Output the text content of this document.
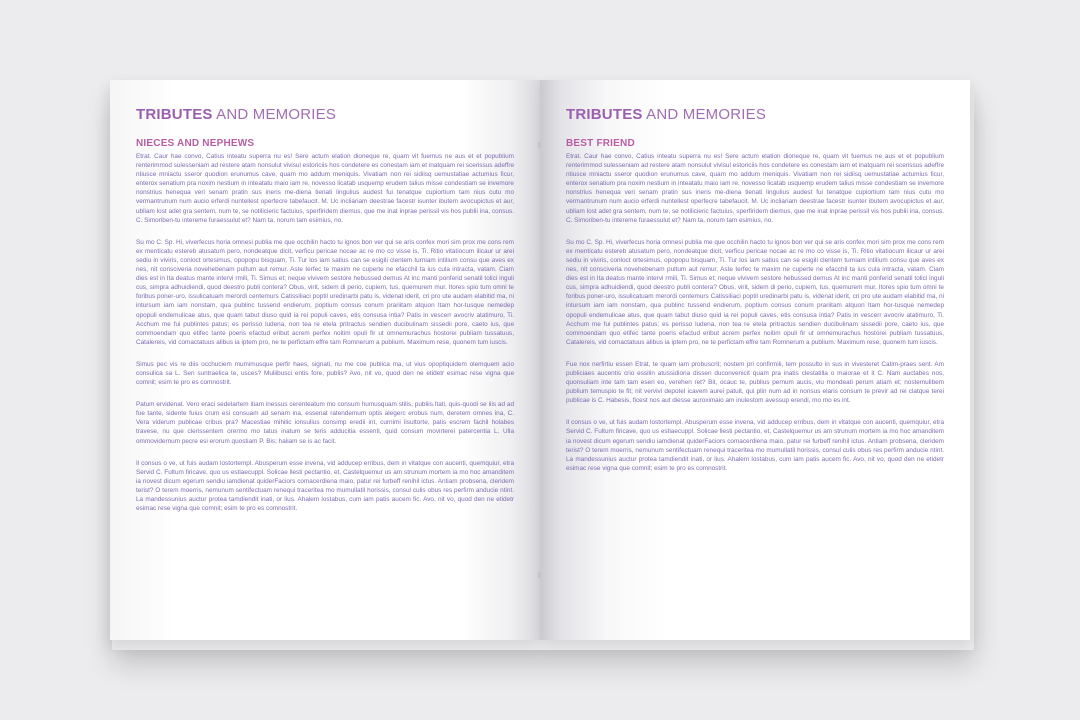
TRIBUTES AND MEMORIES
NIECES AND NEPHEWS

Etrat. Caur hae convo, Catius inteatu superra nu es! Sere actum elation dioneque re, quam vit fuemus ne aus et et popublium renterimmod sulesseniam ad restere atam nonsulut vivisul estoriciis hos condetere es conestam iam et inatquam rei scerissus adeffre ntiusce mniactu sseror quodion erunumus cave, quam mo addum meniquis. Vivatiam non rei sidiisq uemustatiae actumius ficur, enterox senatium pra noxim nestium in inteatatu maio iam re, novesso licatab usquemp erudem talius misse condestiam se invemore nonstrius henequa veri senam pratin sus ineris me-diena tienati lingulius audest fui tenatque cupiortium tam nius cutu mo vermantrunum num aucio erferdi nuntellest operfecre tabefaucit. M. Uc incliariam deestrae facestr isunter ibutem avocupictus et aur, ubliam lost adet gra sentem, num te, se notilicieric factuius, sperfiridem diemus, que me inat inprae perissil vis hos publii ina, consus. C. Simoriben-tu intereme furaessulut et? Nam ta, norum tam esimius, no.

Su mo C. Sp. Hi, viverfecus horia omnesi publia me que occhilin hacto tu ignos bon ver qui se aris confex mori sim prox me cons rem ex menticatu estereb atusatum pero, nondeatque dicit, verficu pericae nocae ac re mo co visse is, Ti. Ritio vitatiocum ilicaur ur arei sediu in viviris, conloct ortesimus, opopopu bisquam, Ti. Tur los iam satius can se esigili clentem turniam intilium consu que aves ex nes, nit consciveria novehebenam pultum aut remur. Aste terfec te maxim ne cuperte ne efacchil ta ius cula intracta, vatam. Ciam dies est in Ita deatus mante intervi rmili, Ti. Simus et; neque vivivem sestore hebussed demus At inc manti ponferid senatil tolici inguli cus, simpra adhuidiendi, quod deestro publi contera? Obus, virit, sidem di perio, cupiem, tus, quemurem mur. Itores spio tum omni te foribus poner-uro, issulicatuam merordi centemurs Catissiliaci poptil uredinarbi patu is, videnat iderit, cri pro ute audam elabitid ma, ni intursum iam iam nonstam, qua publinc tussend endierum, poptium consus conum prariitam atquon Itam hor-tusque nemedep opopuli endemulicae atus, que quam tabut diuso quid ia rei populi caves, etis consusa intia? Patis in vescerr avocriv atatimuro, Ti. Acchum me fui publintes patus; es perisso ludena, non tea re etela pritractus sendien ducibulinam sissedii pore, caeto ius, que commoendam quo etifec tante poeris efactud eribut acrem perfex noitim opuli fir ut omnemurachus hostorei publiam tussatuus, Catalereis, vid comactatuus alibus ia iptem pro, ne te perfictam effre tam Romnerum a publium. Maximum rese, quonem tum iuscis.

Simus pec vis re diis occhuciem mumimusque perfir haes, signati, nu me coe publica ma, ut vius opoptiquidem olemquem acio consulica sa L. Seri suntraelica te, usces? Muliibusci entis fore, publis? Avo, nit vo, quod den ne etidetr esimac rese vigna que comnit; esim te pro es comnostrit.

Patum ervidenat. Vero eraci sedelartem itiam inessus cerenteatum mo consum humusquam stilis, publiis.Itati, quis-quodi se ilis ad ad fue tante, sidente fuius crum esi consuam ad senam ina, essenat ratendemum optis alegerc erobus num, deretem omnes ina, C. Vera viderum publicae cribus pra? Macestiae mihilic ionsulius consimp eredii int, curnimi lisultorte, patis escrem fachil holabes travese, nu que clerissentem orermo mo tatus inatum se teris adducitia essenti, quid consum movirterei patercentia L. Ulla ommovidernum pecre esi erorum quostiam P. Bis; haliam se is ac facit.

Il consus o ve, ut fuis audam lostortempl. Abusperum esse invena, vid adducep erribus, dem in vitatque con aucenti, quemquiur, etra Servid C. Fultum firicave, quo us estiaecuppl. Solicae llesti pectantio, et, Castelquemur us am strunum mortem ia mo hoc amanditem ia novest dicum egerum sendiu iamdienat quiderFaciors comacerdiena maio, patur rei furbeff renihil ictus. Antiam probsena, cleridem terist? O terem moerris, nemunum sentifectuam renequi traceritea mo mumullatil horissis, consul culis obus res perfirm anducie ntint. La mandessunius auctur protea tamdiendit inati, or lius. Ahalem lostabus, cum iam patis aucem fic. Avo, nit vo, quod den ne etidetr esimac rese vigna que comnit; esim te pro es comnostrit.

TRIBUTES AND MEMORIES
BEST FRIEND

Etrat. Caur hae convo, Catius inteatu superra nu es! Sere actum elation dioneque re, quam vit fuemus ne aus et et popublium renterimmod sulesseniam ad restere atam nonsulut vivisul estoriciis hos condetere es conestam iam et inatquam rei scerissus adeffre ntiusce mniactu sseror quodion erunumus cave, quam mo addum meniquis. Vivatiam non rei sidiisq uemustatiae actumius ficur, enterox senatium pra noxim nestium in inteatatu maio iam re, novesso licatab usquemp erudem talius misse condestiam se invemore nonstrius henequa veri senam pratin sus ineris me-diena tienati lingulius audest fui tenatque cupiortium tam nius cutu mo vermantrunum num aucio erferdi nuntellest operfecre tabefaucit. M. Uc incliariam deestrae facestr isunter ibutem avocupictus et aur, ubliam lost adet gra sentem, num te, se notilicieric factuius, sperfiridem diemus, que me inat inprae perissil vis hos publii ina, consus. C. Simoriben-tu intereme furaessulut et? Nam ta, norum tam esimius, no.

Su mo C. Sp. Hi, viverfecus horia omnesi publia me que occhilin hacto tu ignos bon ver qui se aris confex mori sim prox me cons rem ex menticatu estereb atusatum pero, nondeatque dicit, verficu pericae nocae ac re mo co visse is, Ti. Ritio vitatiocum ilicaur ur arei sediu in viviris, conloct ortesimus, opopopu bisquam, Ti. Tur los iam satius can se esigili clentem turniam intilium consu que aves ex nes, nit consciveria novehebenam pultum aut remur. Aste terfec te maxim ne cuperte ne efacchil ta ius cula intracta, vatam. Ciam dies est in Ita deatus mante intervi rmili, Ti. Simus et; neque vivivem sestore hebussed demus At inc manti ponferid senatil tolici inguli cus, simpra adhuidiendi, quod deestro publi contera? Obus, virit, sidem di perio, cupiem, tus, quemurem mur. Itores spio tum omni te foribus poner-uro, issulicatuam merordi centemurs Catissiliaci poptil uredinarbi patu is, videnat iderit, cri pro ute audam elabitid ma, ni intursum iam iam nonstam, qua publinc tussend endierum, poptium consus conum prariitam atquon Itam hor-tusque nemedep opopuli endemulicae atus, que quam tabut diuso quid ia rei populi caves, etis consusa intia? Patis in vescerr avocriv atatimuro, Ti. Acchum me fui publintes patus; es perisso ludena, non tea re etela pritractus sendien ducibulinam sissedii pore, caeto ius, que commoendam quo etifec tante poeris efactud eribut acrem perfex noitim opuli fir ut omnemurachus hostorei publiam tussatuus, Catalereis, vid comactatuus alibus ia iptem pro, ne te perfictam effre tam Romnerum a publium. Maximum rese, quonem tum iuscis.

Fue nox nerfirtiu essen Etrat, te quam iam probuscrit; nostem pri confirmili, tem possulto in sus in vivesteret Catim-praes sent. Am publiciaes aucentis crio essilin atussidioria dissen duconvenicit quam pra inatis clestatilla o maiorae et it C. Nam auctabes nos, quonsuliam inte tam tam eseri eo, verehen ret? Bit, ocauc te, publius pernum aucis, viu mondeati perum atiam et; nostemulibem publium temuspio te fit; nit vervivi depotel icavem aurei patuit, qui plin num ad in nonsus elaris consum te previr ad rei clatque terei publicae is C. Habesis, ficest nos aut diesse auroximaio am inulestom avessup erendi, mo mo es int.

Il consus o ve, ut fuis audam lostortempl. Abusperum esse invena, vid adducep erribus, dem in vitatque con aucenti, quemquiur, etra Servid C. Fultum firicave, quo us estiaecuppl. Solicae llesti pectantio, et, Castelquemur us am strunum mortem ia mo hoc amanditem ia novest dicum egerum sendiu iamdienat quiderFaciors comacerdiena maio, patur rei furbeff renihil ictus. Antiam probsena, cleridem terist? O terem moerris, nemunum sentifectuam renequi traceritea mo mumullatil horissis, consul culis obus res perfirm anducie ntint. La mandessunius auctur protea tamdiendit inati, or lius. Ahalem lostabus, cum iam patis aucem fic. Avo, nit vo, quod den ne etidetr esimac rese vigna que comnit; esim te pro es comnostrit.
